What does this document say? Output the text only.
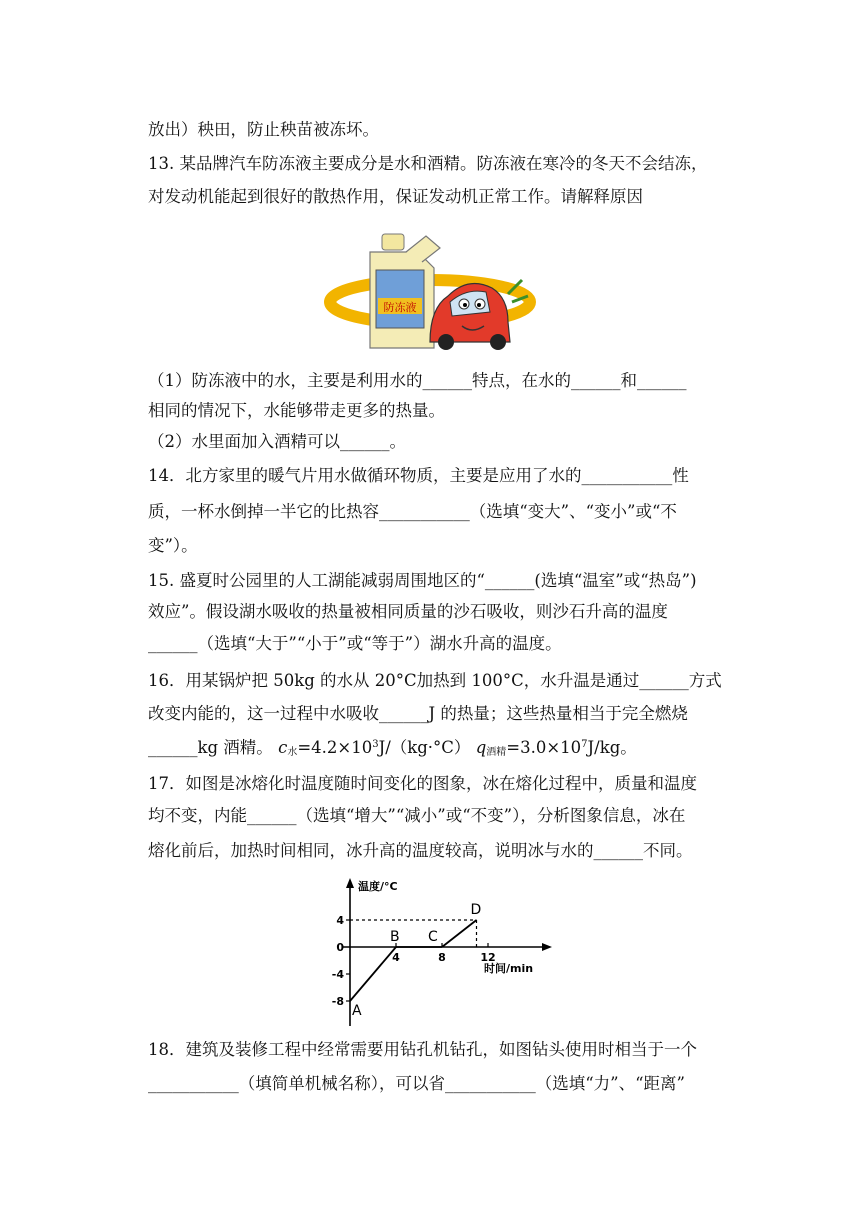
放出）秧田，防止秧苗被冻坏。
13. 某品牌汽车防冻液主要成分是水和酒精。防冻液在寒冷的冬天不会结冻，
对发动机能起到很好的散热作用，保证发动机正常工作。请解释原因
防冻液
（1）防冻液中的水，主要是利用水的______特点，在水的______和______
相同的情况下，水能够带走更多的热量。
（2）水里面加入酒精可以______。
14．北方家里的暖气片用水做循环物质，主要是应用了水的___________性
质，一杯水倒掉一半它的比热容___________（选填“变大”、“变小”或“不
变”）。
15. 盛夏时公园里的人工湖能减弱周围地区的“______(选填“温室”或“热岛”)
效应”。假设湖水吸收的热量被相同质量的沙石吸收，则沙石升高的温度
______（选填“大于”“小于”或“等于”）湖水升高的温度。
16．用某锅炉把 50kg 的水从 20°C加热到 100°C，水升温是通过______方式
改变内能的，这一过程中水吸收______J 的热量；这些热量相当于完全燃烧
______kg 酒精。 $c_水=4.2\times 10^3J/(kg\cdot^\circ C)$ $q_{酒精}=3.0\times 10^7J/kg$。
17．如图是冰熔化时温度随时间变化的图象，冰在熔化过程中，质量和温度
均不变，内能______（选填“增大”“减小”或“不变”），分析图象信息，冰在
熔化前后，加热时间相同，冰升高的温度较高，说明冰与水的______不同。
温度/°C
时间/min
4
0
-4
-8
4	8	12
A
B C
D
18．建筑及装修工程中经常需要用钻孔机钻孔，如图钻头使用时相当于一个
___________（填简单机械名称），可以省___________（选填“力”、“距离”
